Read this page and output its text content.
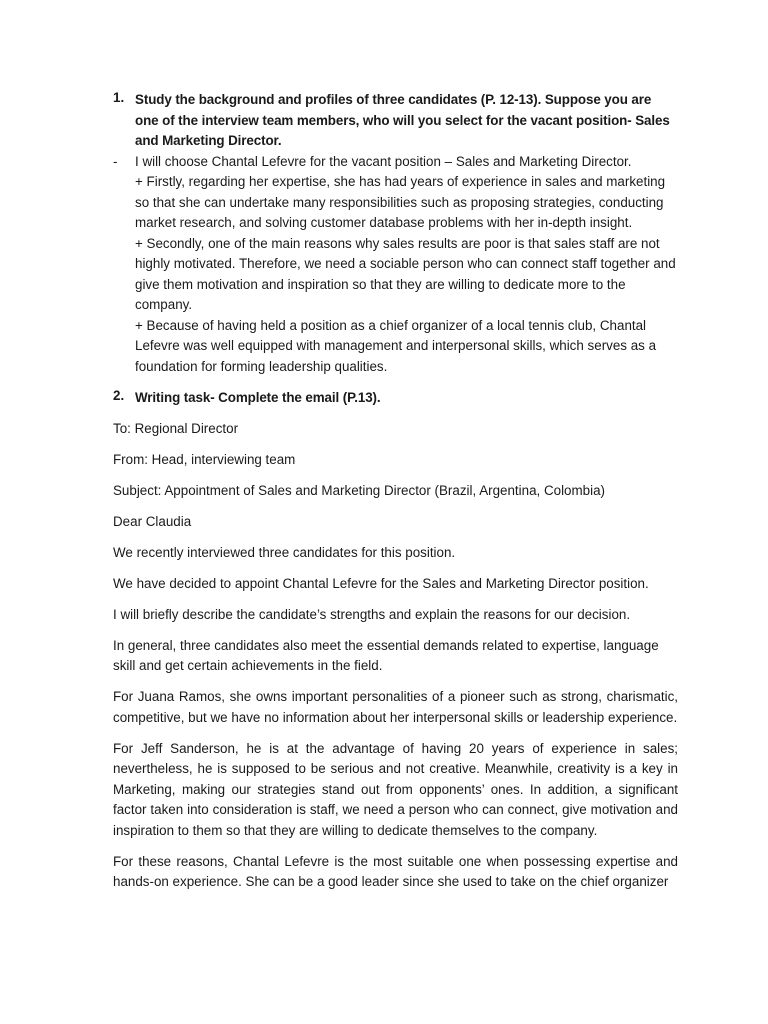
1. Study the background and profiles of three candidates (P. 12-13). Suppose you are one of the interview team members, who will you select for the vacant position- Sales and Marketing Director.
-	I will choose Chantal Lefevre for the vacant position – Sales and Marketing Director.

+ Firstly, regarding her expertise, she has had years of experience in sales and marketing so that she can undertake many responsibilities such as proposing strategies, conducting market research, and solving customer database problems with her in-depth insight.

+ Secondly, one of the main reasons why sales results are poor is that sales staff are not highly motivated. Therefore, we need a sociable person who can connect staff together and give them motivation and inspiration so that they are willing to dedicate more to the company.

+ Because of having held a position as a chief organizer of a local tennis club, Chantal Lefevre was well equipped with management and interpersonal skills, which serves as a foundation for forming leadership qualities.

2. Writing task- Complete the email (P.13).

To: Regional Director

From: Head, interviewing team

Subject: Appointment of Sales and Marketing Director (Brazil, Argentina, Colombia)

Dear Claudia

We recently interviewed three candidates for this position.

We have decided to appoint Chantal Lefevre for the Sales and Marketing Director position.

I will briefly describe the candidate’s strengths and explain the reasons for our decision.

In general, three candidates also meet the essential demands related to expertise, language skill and get certain achievements in the field.

For Juana Ramos, she owns important personalities of a pioneer such as strong, charismatic, competitive, but we have no information about her interpersonal skills or leadership experience.

For Jeff Sanderson, he is at the advantage of having 20 years of experience in sales; nevertheless, he is supposed to be serious and not creative. Meanwhile, creativity is a key in Marketing, making our strategies stand out from opponents’ ones. In addition, a significant factor taken into consideration is staff, we need a person who can connect, give motivation and inspiration to them so that they are willing to dedicate themselves to the company.

For these reasons, Chantal Lefevre is the most suitable one when possessing expertise and hands-on experience. She can be a good leader since she used to take on the chief organizer
